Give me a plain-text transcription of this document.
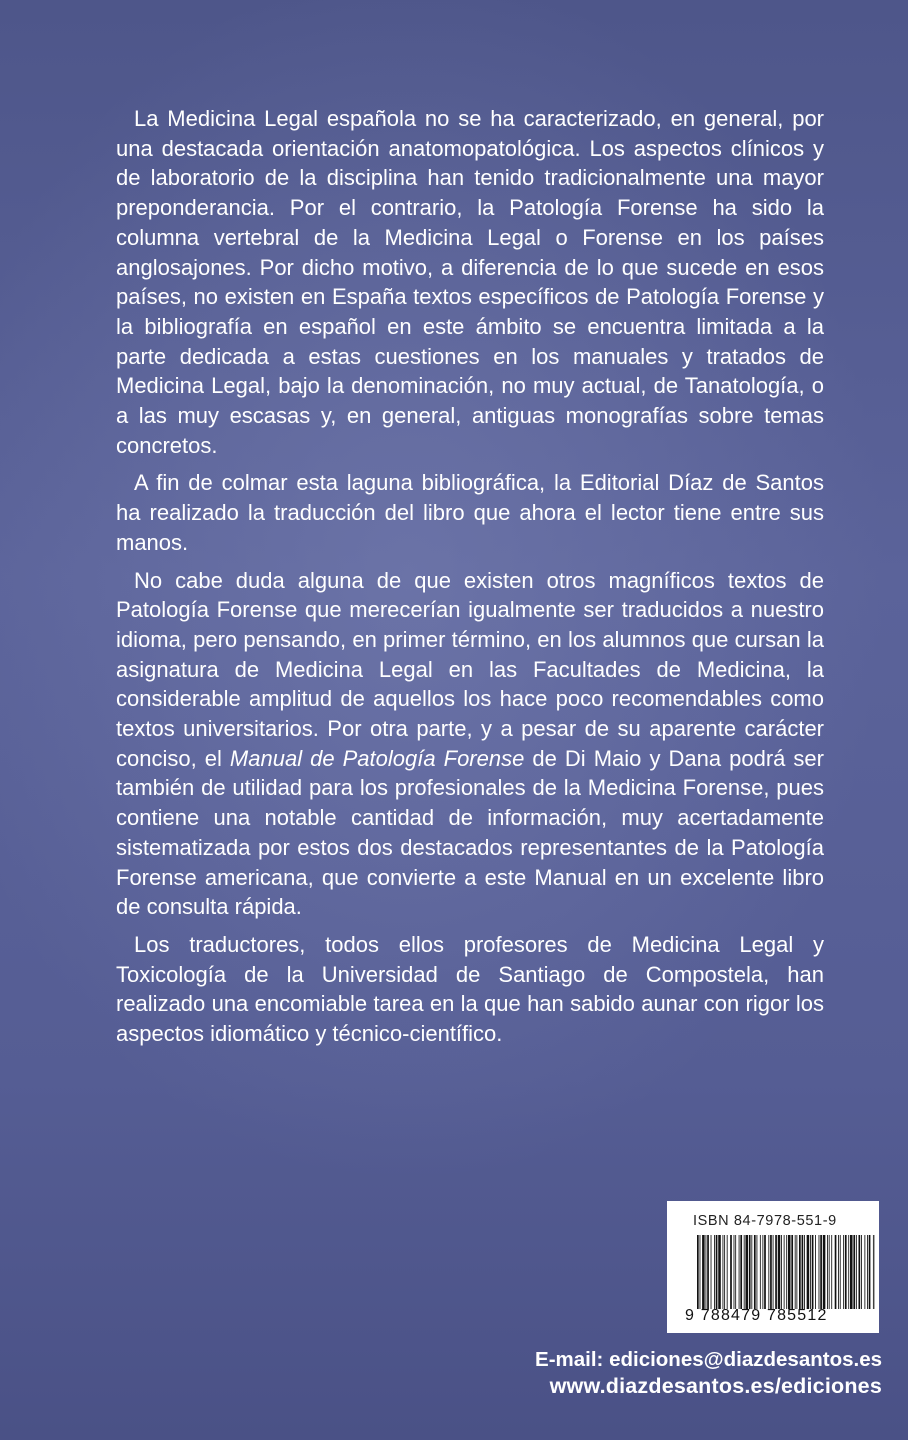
La Medicina Legal española no se ha caracterizado, en general, por una destacada orientación anatomopatológica. Los aspectos clínicos y de laboratorio de la disciplina han tenido tradicionalmente una mayor preponderancia. Por el contrario, la Patología Forense ha sido la columna vertebral de la Medicina Legal o Forense en los países anglosajones. Por dicho motivo, a diferencia de lo que sucede en esos países, no existen en España textos específicos de Patología Forense y la bibliografía en español en este ámbito se encuentra limitada a la parte dedicada a estas cuestiones en los manuales y tratados de Medicina Legal, bajo la denominación, no muy actual, de Tanatología, o a las muy escasas y, en general, antiguas monografías sobre temas concretos.

A fin de colmar esta laguna bibliográfica, la Editorial Díaz de Santos ha realizado la traducción del libro que ahora el lector tiene entre sus manos.

No cabe duda alguna de que existen otros magníficos textos de Patología Forense que merecerían igualmente ser traducidos a nuestro idioma, pero pensando, en primer término, en los alumnos que cursan la asignatura de Medicina Legal en las Facultades de Medicina, la considerable amplitud de aquellos los hace poco recomendables como textos universitarios. Por otra parte, y a pesar de su aparente carácter conciso, el Manual de Patología Forense de Di Maio y Dana podrá ser también de utilidad para los profesionales de la Medicina Forense, pues contiene una notable cantidad de información, muy acertadamente sistematizada por estos dos destacados representantes de la Patología Forense americana, que convierte a este Manual en un excelente libro de consulta rápida.

Los traductores, todos ellos profesores de Medicina Legal y Toxicología de la Universidad de Santiago de Compostela, han realizado una encomiable tarea en la que han sabido aunar con rigor los aspectos idiomático y técnico-científico.

ISBN 84-7978-551-9
9 788479 785512
E-mail: ediciones@diazdesantos.es
www.diazdesantos.es/ediciones
